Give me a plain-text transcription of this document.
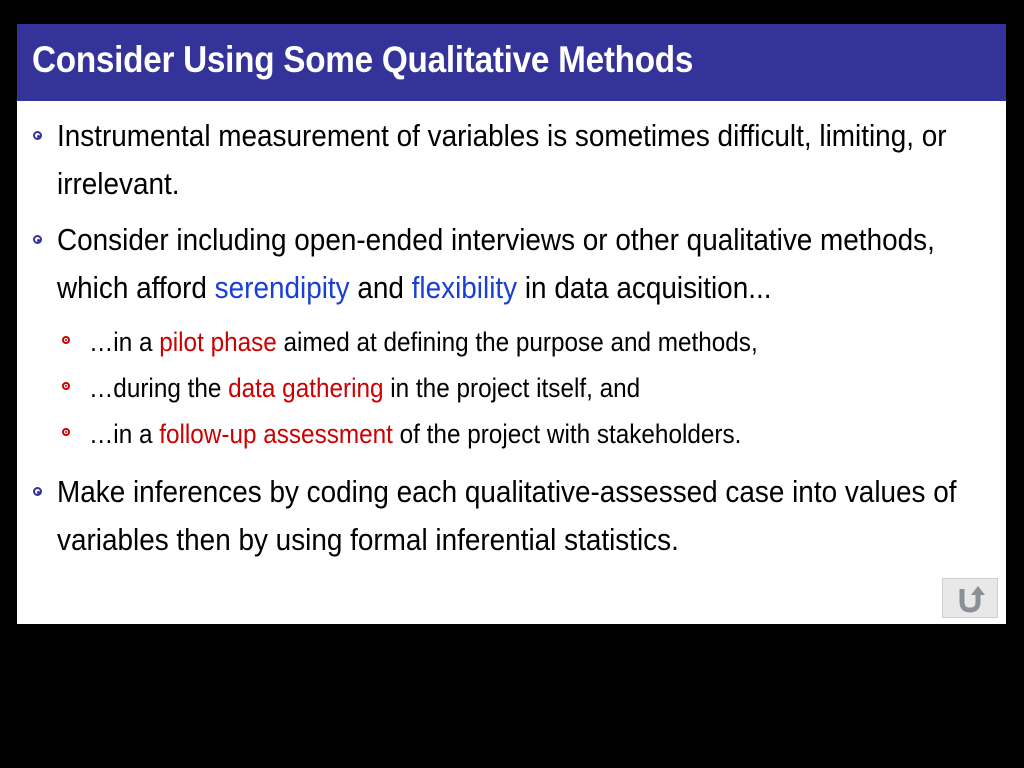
Consider Using Some Qualitative Methods
Instrumental measurement of variables is sometimes difficult, limiting, or irrelevant.
Consider including open-ended interviews or other qualitative methods, which afford serendipity and flexibility in data acquisition...
…in a pilot phase aimed at defining the purpose and methods,
…during the data gathering in the project itself, and
…in a follow-up assessment of the project with stakeholders.
Make inferences by coding each qualitative-assessed case into values of variables then by using formal inferential statistics.
